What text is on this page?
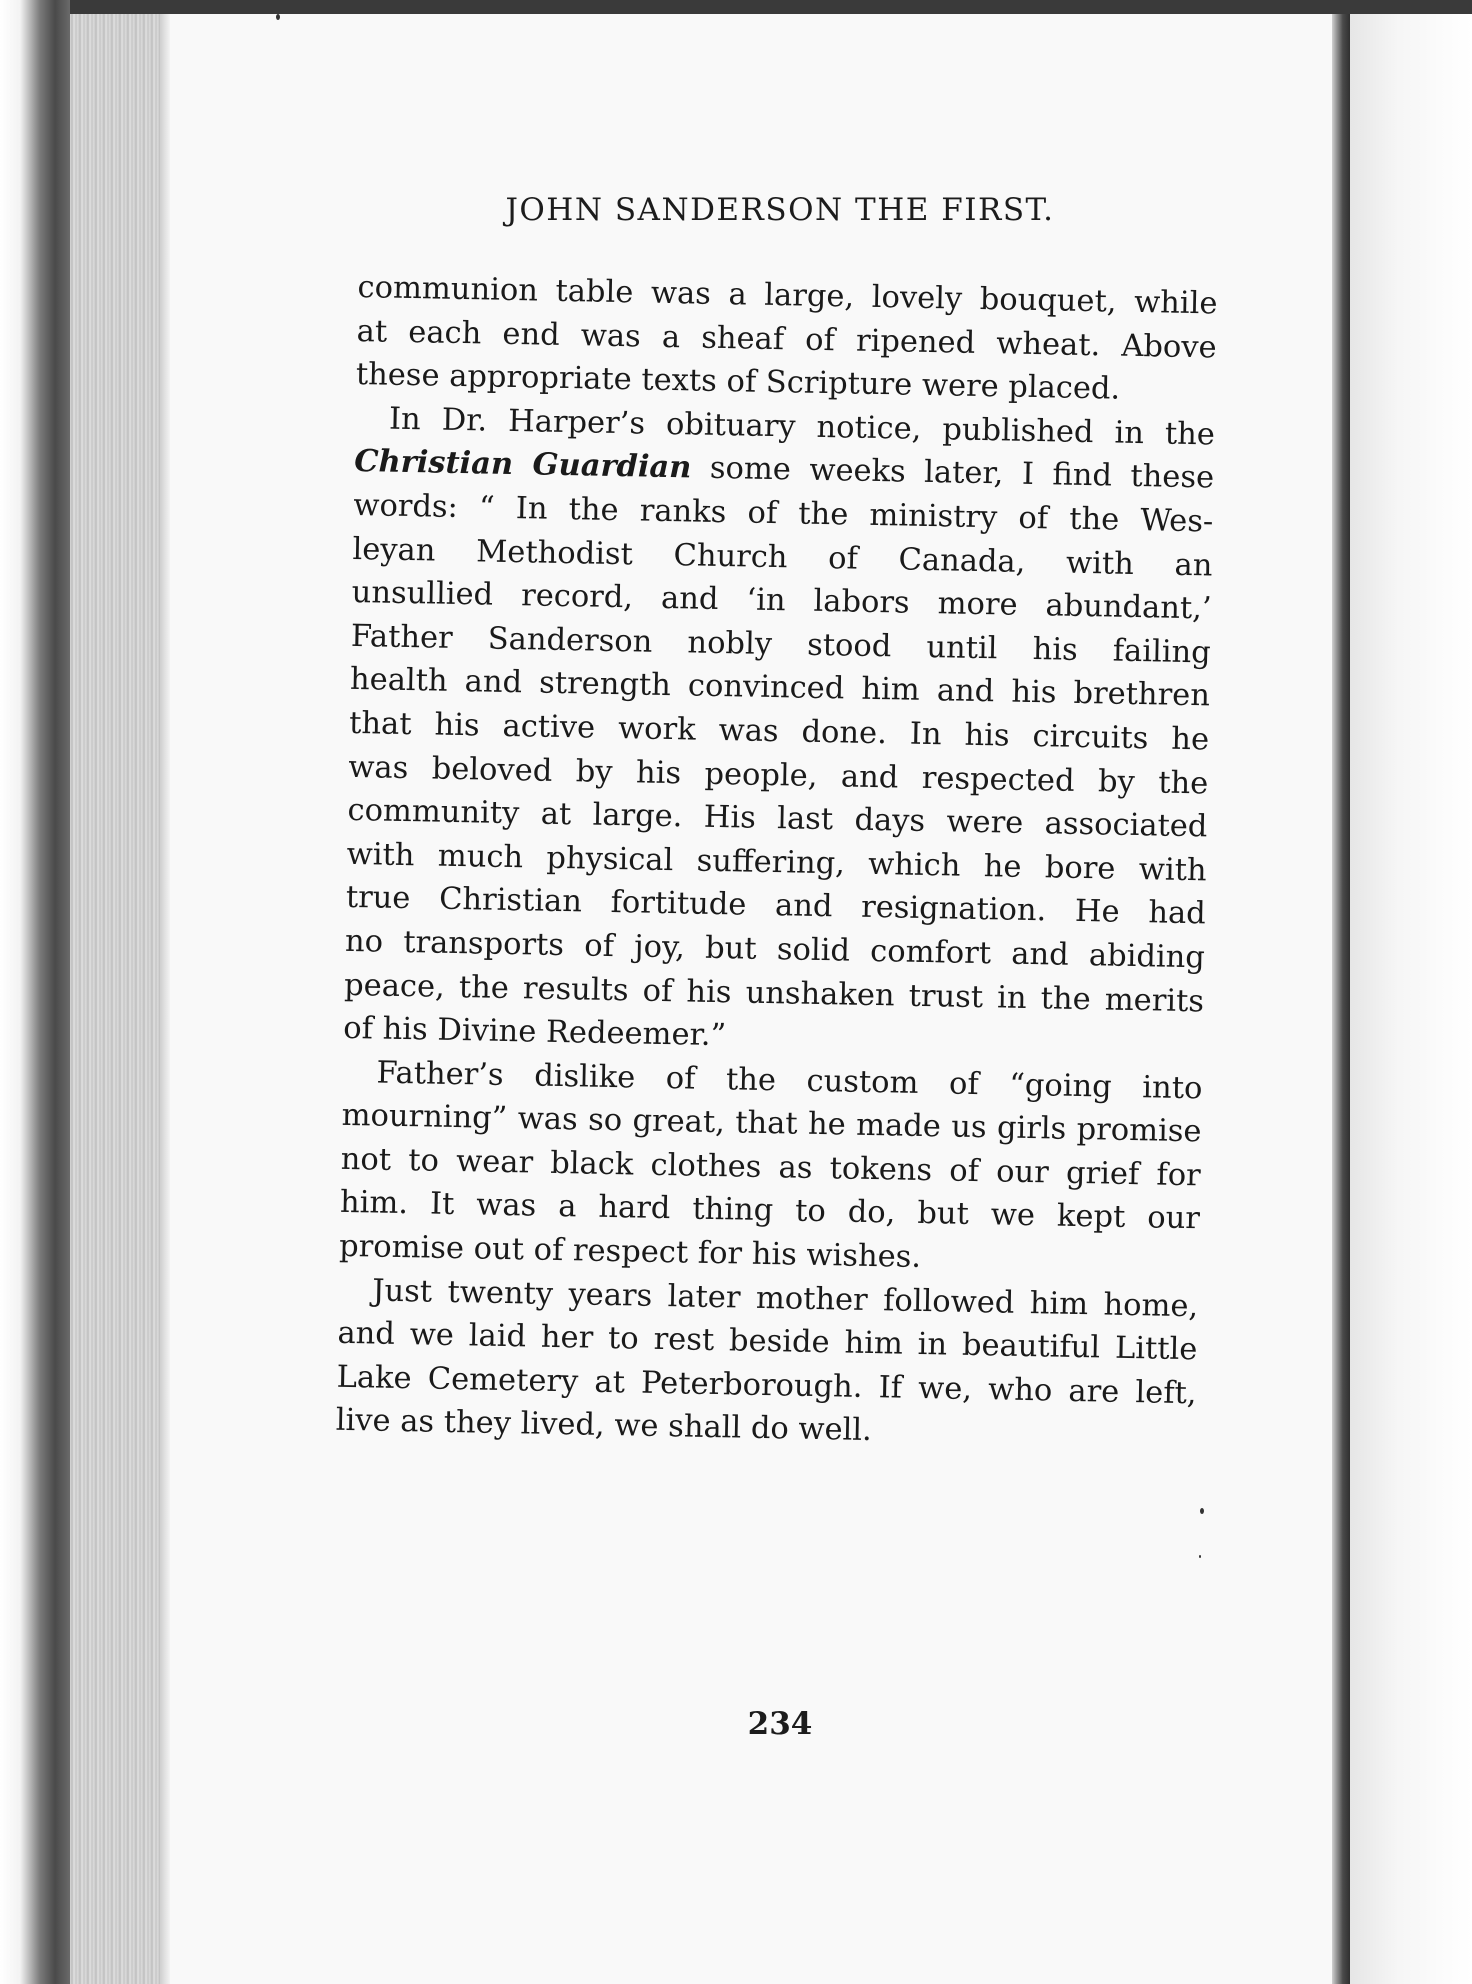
JOHN SANDERSON THE FIRST.
communion table was a large, lovely bouquet, while
at each end was a sheaf of ripened wheat. Above
these appropriate texts of Scripture were placed.
In Dr. Harper’s obituary notice, published in the
Christian Guardian some weeks later, I find these
words: “ In the ranks of the ministry of the Wes-
leyan Methodist Church of Canada, with an
unsullied record, and ‘in labors more abundant,’
Father Sanderson nobly stood until his failing
health and strength convinced him and his brethren
that his active work was done. In his circuits he
was beloved by his people, and respected by the
community at large. His last days were associated
with much physical suffering, which he bore with
true Christian fortitude and resignation. He had
no transports of joy, but solid comfort and abiding
peace, the results of his unshaken trust in the merits
of his Divine Redeemer.”
Father’s dislike of the custom of “going into
mourning” was so great, that he made us girls promise
not to wear black clothes as tokens of our grief for
him. It was a hard thing to do, but we kept our
promise out of respect for his wishes.
Just twenty years later mother followed him home,
and we laid her to rest beside him in beautiful Little
Lake Cemetery at Peterborough. If we, who are left,
live as they lived, we shall do well.
234
